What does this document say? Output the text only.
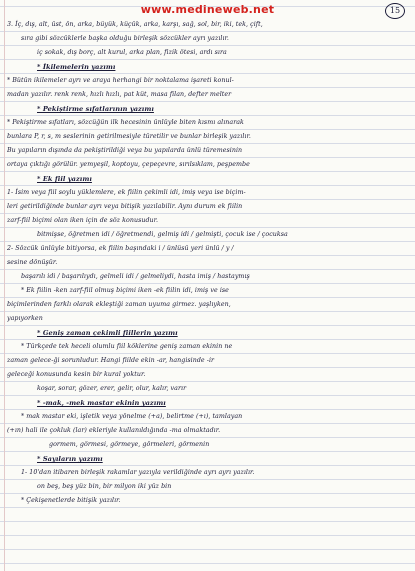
www.medineweb.net	15
3. İç, dış, alt, üst, ön, arka, büyük, küçük, arka, karşı, sağ, sol, bir, iki, tek, çift,
sıra gibi sözcüklerle başka olduğu birleşik sözcükler ayrı yazılır.
iç sokak, dış borç, alt kurul, arka plan, fizik ötesi, ardı sıra
* İkilemelerin yazımı
* Bütün ikilemeler ayrı ve araya herhangi bir noktalama işareti konul-
madan yazılır. renk renk, hızlı hızlı, pat küt, masa filan, defter melter
* Pekiştirme sıfatlarının yazımı
* Pekiştirme sıfatları, sözcüğün ilk hecesinin ünlüyle biten kısmı alınarak
bunlara P, r, s, m seslerinin getirilmesiyle türetilir ve bunlar birleşik yazılır.
Bu yapıların dışında da pekiştirildiği veya bu yapılarda ünlü türemesinin
ortaya çıktığı görülür. yemyeşil, koptoyu, çepeçevre, sırılsıklam, peşpembe
* Ek fiil yazımı
1- İsim veya fiil soylu yüklemlere, ek fiilin çekimli idi, imiş veya ise biçim-
leri getirildiğinde bunlar ayrı veya bitişik yazılabilir. Aynı durum ek fiilin
zarf-fiil biçimi olan iken için de söz konusudur.
bitmişse, öğretmen idi / öğretmendi, gelmiş idi / gelmişti, çocuk ise / çocuksa
2- Sözcük ünlüyle bitiyorsa, ek fiilin başındaki i / ünlüsü yeri ünlü / y /
sesine dönüşür.
başarılı idi / başarılıydı, gelmeli idi / gelmeliydi, hasta imiş / hastaymış
* Ek fiilin -ken zarf-fiil olmuş biçimi iken -ek fiilin idi, imiş ve ise
biçimlerinden farklı olarak ekleştiği zaman uyuma girmez. yaşlıyken,
yapıyorken
* Geniş zaman çekimli fiillerin yazımı
* Türkçede tek heceli olumlu fiil köklerine geniş zaman ekinin ne
zaman gelece-ği sorunludur. Hangi fiilde ekin -ar, hangisinde -ir
geleceği konusunda kesin bir kural yoktur.
koşar, sorar, gözer, erer, gelir, olur, kalır, varır
* -mak, -mek mastar ekinin yazımı
* mak mastar eki, işletik veya yönelme (+a), belirtme (+ı), tamlayan
(+ın) hali ile çokluk (lar) ekleriyle kullanıldığında -ma olmaktadır.
gormem, görmesi, görmeye, görmeleri, görmenin
* Sayıların yazımı
1- 10'dan itibaren birleşik rakamlar yazıyla verildiğinde ayrı ayrı yazılır.
on beş, beş yüz bin, bir milyon iki yüz bin
* Çekişenetlerde bitişik yazılır.
